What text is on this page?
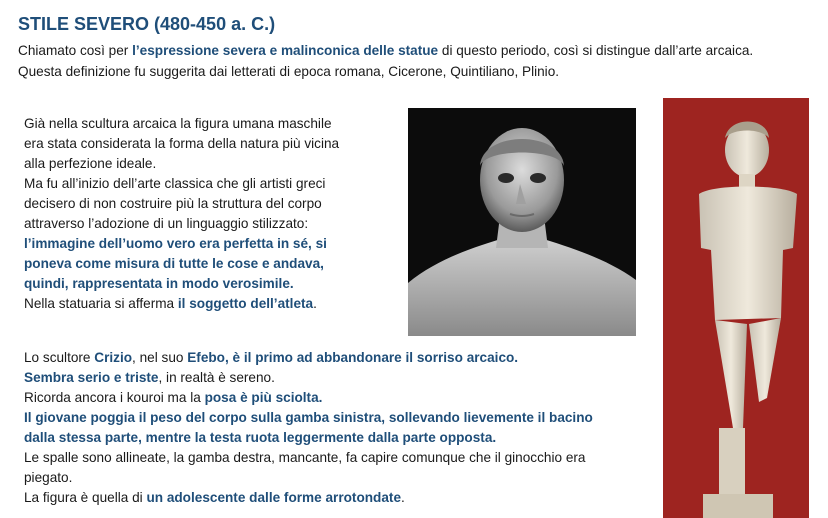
STILE SEVERO (480-450 a. C.)
Chiamato così per l’espressione severa e malinconica delle statue di questo periodo, così si distingue dall’arte arcaica.
Questa definizione fu suggerita dai letterati di epoca romana, Cicerone, Quintiliano, Plinio.
Già nella scultura arcaica la figura umana maschile
era stata considerata la forma della natura più vicina
alla perfezione ideale.
Ma fu all’inizio dell’arte classica che gli artisti greci
decisero di non costruire più la struttura del corpo
attraverso l’adozione di un linguaggio stilizzato:
l’immagine dell’uomo vero era perfetta in sé, si
poneva come misura di tutte le cose e andava,
quindi, rappresentata in modo verosimile.
Nella statuaria si afferma il soggetto dell’atleta.
Lo scultore Crizio, nel suo Efebo, è il primo ad abbandonare il sorriso arcaico.
Sembra serio e triste, in realtà è sereno.
Ricorda ancora i kouroi ma la posa è più sciolta.
Il giovane poggia il peso del corpo sulla gamba sinistra, sollevando lievemente il bacino
dalla stessa parte, mentre la testa ruota leggermente dalla parte opposta.
Le spalle sono allineate, la gamba destra, mancante, fa capire comunque che il ginocchio era
piegato.
La figura è quella di un adolescente dalle forme arrotondate.
